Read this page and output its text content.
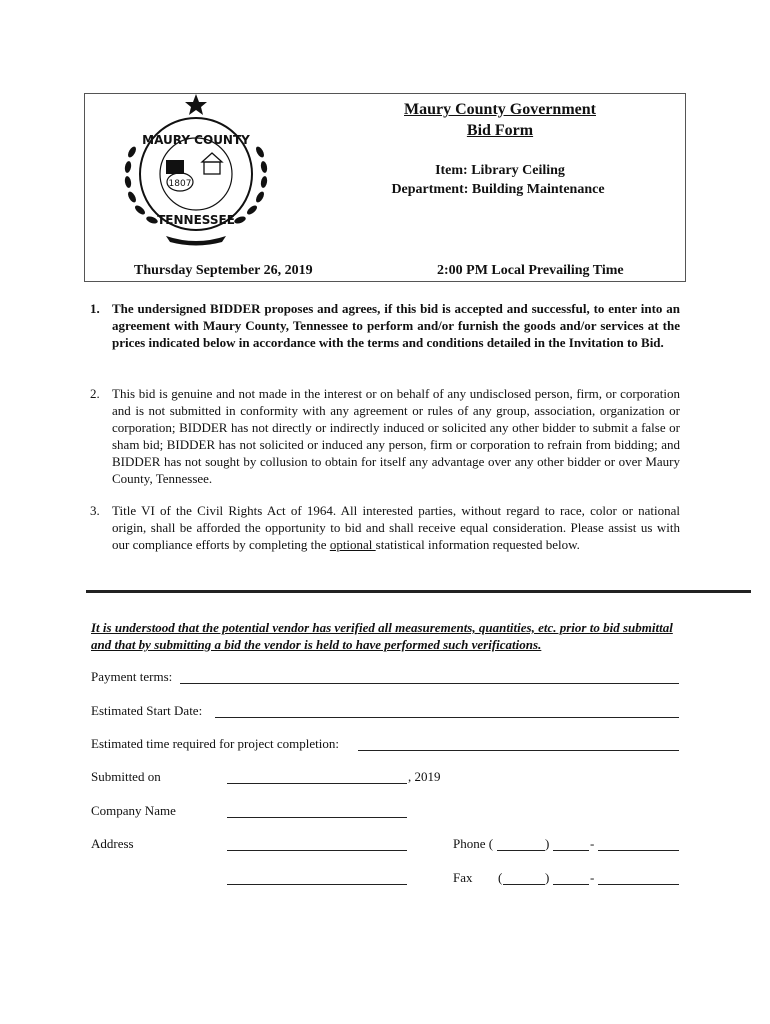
MAURY COUNTY
1807
TENNESSEE
Maury County Government
Bid Form
Item: Library Ceiling
Department: Building Maintenance
Thursday September 26, 2019	2:00 PM Local Prevailing Time
1. The undersigned BIDDER proposes and agrees, if this bid is accepted and successful, to enter into an agreement with Maury County, Tennessee to perform and/or furnish the goods and/or services at the prices indicated below in accordance with the terms and conditions detailed in the Invitation to Bid.
2. This bid is genuine and not made in the interest or on behalf of any undisclosed person, firm, or corporation and is not submitted in conformity with any agreement or rules of any group, association, organization or corporation; BIDDER has not directly or indirectly induced or solicited any other bidder to submit a false or sham bid; BIDDER has not solicited or induced any person, firm or corporation to refrain from bidding; and BIDDER has not sought by collusion to obtain for itself any advantage over any other bidder or over Maury County, Tennessee.
3. Title VI of the Civil Rights Act of 1964. All interested parties, without regard to race, color or national origin, shall be afforded the opportunity to bid and shall receive equal consideration. Please assist us with our compliance efforts by completing the optional statistical information requested below.
It is understood that the potential vendor has verified all measurements, quantities, etc. prior to bid submittal and that by submitting a bid the vendor is held to have performed such verifications.
Payment terms:
Estimated Start Date:
Estimated time required for project completion:
Submitted on	, 2019
Company Name
Address	Phone (	)	-
Fax (	)	-
